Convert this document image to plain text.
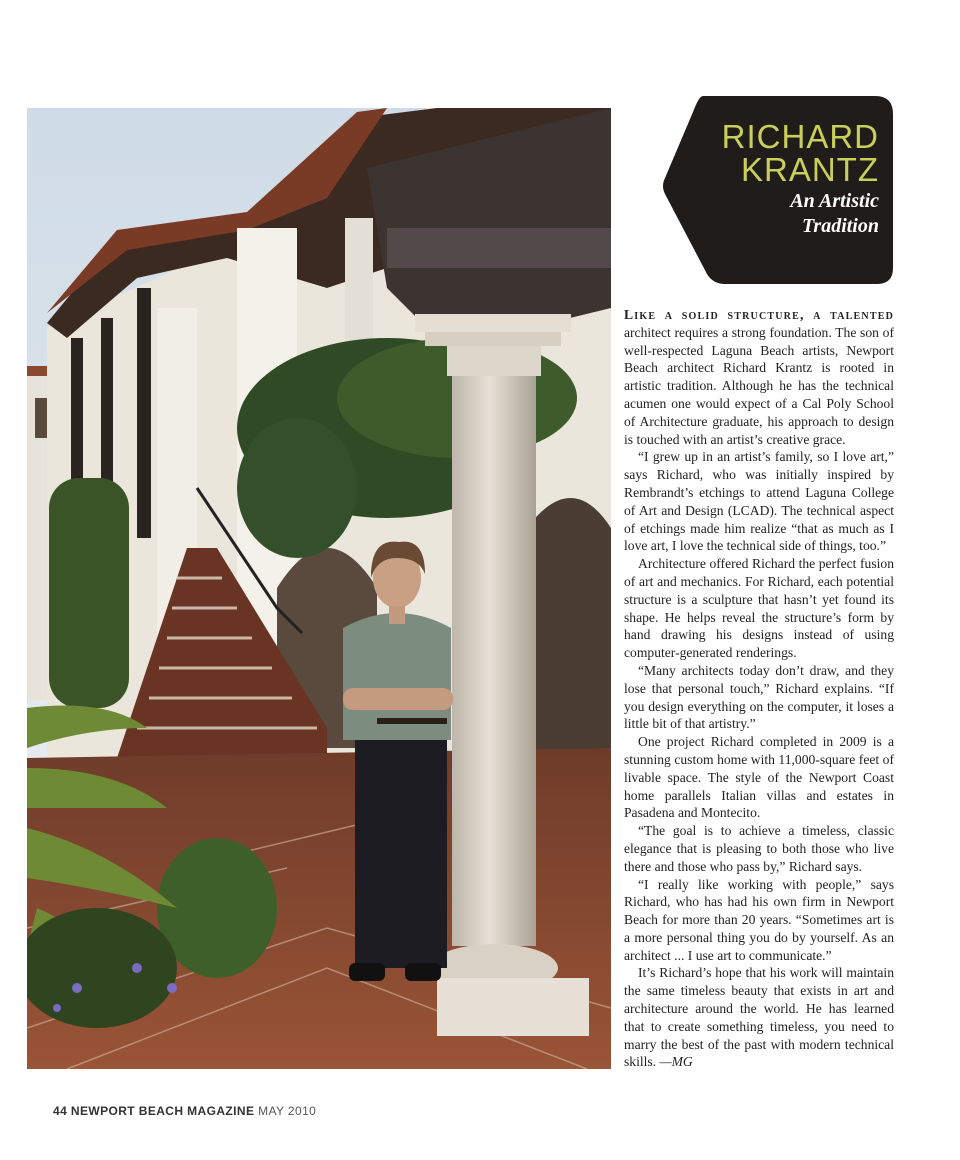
RICHARD
KRANTZ
An Artistic
Tradition

Like a solid structure, a talented architect requires a strong foundation. The son of well-respected Laguna Beach artists, Newport Beach architect Richard Krantz is rooted in artistic tradition. Although he has the technical acumen one would expect of a Cal Poly School of Architecture graduate, his approach to design is touched with an artist’s creative grace.

“I grew up in an artist’s family, so I love art,” says Richard, who was initially inspired by Rembrandt’s etchings to attend Laguna College of Art and Design (LCAD). The technical aspect of etchings made him realize “that as much as I love art, I love the technical side of things, too.”

Architecture offered Richard the perfect fusion of art and mechanics. For Richard, each potential structure is a sculpture that hasn’t yet found its shape. He helps reveal the structure’s form by hand drawing his designs instead of using computer-generated renderings.

“Many architects today don’t draw, and they lose that personal touch,” Richard explains. “If you design everything on the computer, it loses a little bit of that artistry.”

One project Richard completed in 2009 is a stunning custom home with 11,000-square feet of livable space. The style of the Newport Coast home parallels Italian villas and estates in Pasadena and Montecito.

“The goal is to achieve a timeless, classic elegance that is pleasing to both those who live there and those who pass by,” Richard says.

“I really like working with people,” says Richard, who has had his own firm in Newport Beach for more than 20 years. “Sometimes art is a more personal thing you do by yourself. As an architect ... I use art to communicate.”

It’s Richard’s hope that his work will maintain the same timeless beauty that exists in art and architecture around the world. He has learned that to create something timeless, you need to marry the best of the past with modern technical skills. —MG

44 NEWPORT BEACH MAGAZINE MAY 2010
